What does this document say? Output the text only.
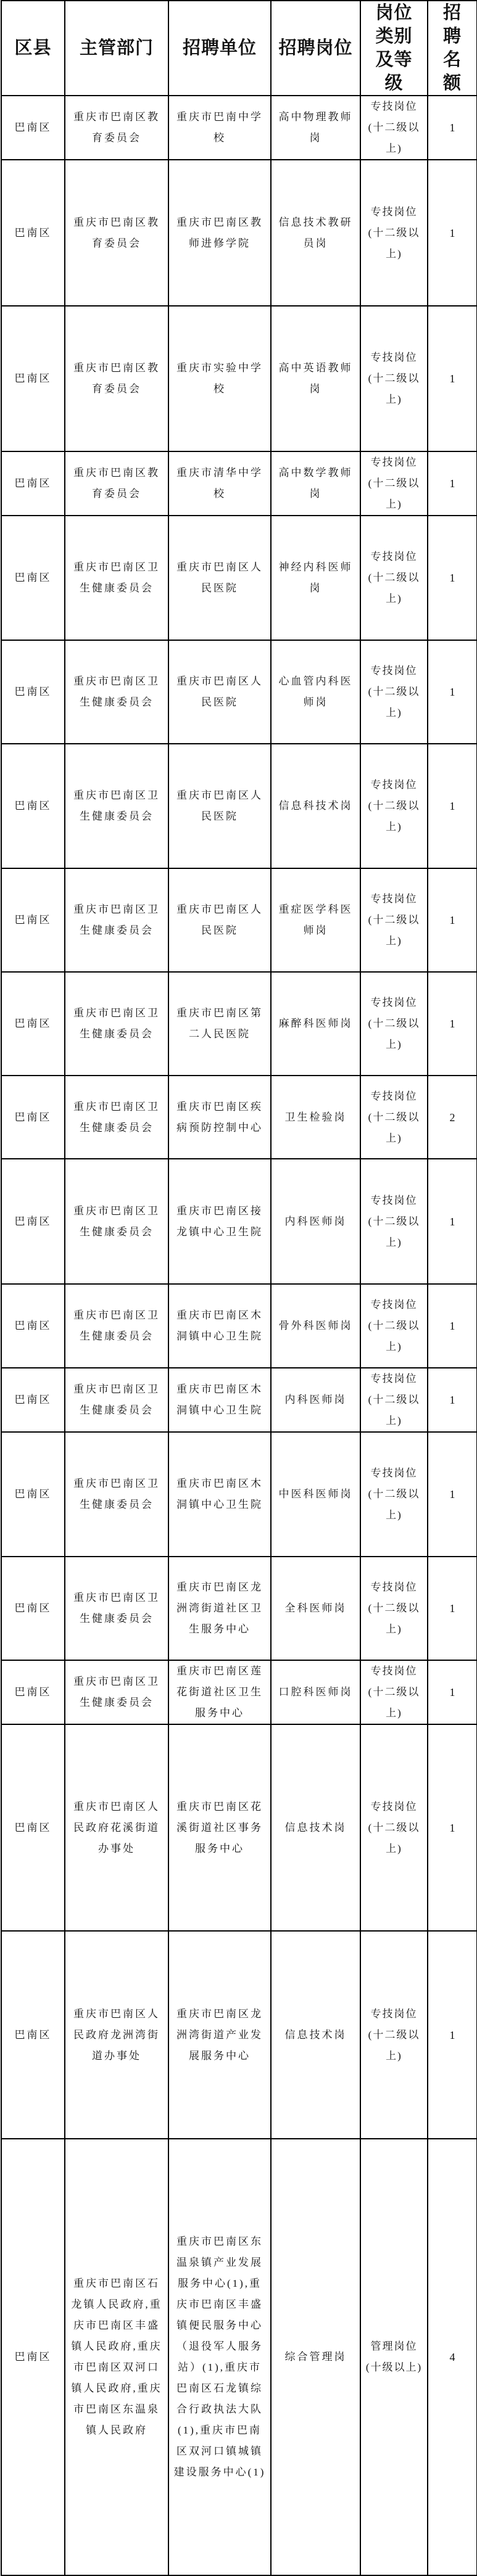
区县	主管部门	招聘单位	招聘岗位	岗位类别及等级	招聘名额
巴南区	重庆市巴南区教育委员会	重庆市巴南中学校	高中物理教师岗	专技岗位(十二级以上)	1
巴南区	重庆市巴南区教育委员会	重庆市巴南区教师进修学院	信息技术教研员岗	专技岗位(十二级以上)	1
巴南区	重庆市巴南区教育委员会	重庆市实验中学校	高中英语教师岗	专技岗位(十二级以上)	1
巴南区	重庆市巴南区教育委员会	重庆市清华中学校	高中数学教师岗	专技岗位(十二级以上)	1
巴南区	重庆市巴南区卫生健康委员会	重庆市巴南区人民医院	神经内科医师岗	专技岗位(十二级以上)	1
巴南区	重庆市巴南区卫生健康委员会	重庆市巴南区人民医院	心血管内科医师岗	专技岗位(十二级以上)	1
巴南区	重庆市巴南区卫生健康委员会	重庆市巴南区人民医院	信息科技术岗	专技岗位(十二级以上)	1
巴南区	重庆市巴南区卫生健康委员会	重庆市巴南区人民医院	重症医学科医师岗	专技岗位(十二级以上)	1
巴南区	重庆市巴南区卫生健康委员会	重庆市巴南区第二人民医院	麻醉科医师岗	专技岗位(十二级以上)	1
巴南区	重庆市巴南区卫生健康委员会	重庆市巴南区疾病预防控制中心	卫生检验岗	专技岗位(十二级以上)	2
巴南区	重庆市巴南区卫生健康委员会	重庆市巴南区接龙镇中心卫生院	内科医师岗	专技岗位(十二级以上)	1
巴南区	重庆市巴南区卫生健康委员会	重庆市巴南区木洞镇中心卫生院	骨外科医师岗	专技岗位(十二级以上)	1
巴南区	重庆市巴南区卫生健康委员会	重庆市巴南区木洞镇中心卫生院	内科医师岗	专技岗位(十二级以上)	1
巴南区	重庆市巴南区卫生健康委员会	重庆市巴南区木洞镇中心卫生院	中医科医师岗	专技岗位(十二级以上)	1
巴南区	重庆市巴南区卫生健康委员会	重庆市巴南区龙洲湾街道社区卫生服务中心	全科医师岗	专技岗位(十二级以上)	1
巴南区	重庆市巴南区卫生健康委员会	重庆市巴南区莲花街道社区卫生服务中心	口腔科医师岗	专技岗位(十二级以上)	1
巴南区	重庆市巴南区人民政府花溪街道办事处	重庆市巴南区花溪街道社区事务服务中心	信息技术岗	专技岗位(十二级以上)	1
巴南区	重庆市巴南区人民政府龙洲湾街道办事处	重庆市巴南区龙洲湾街道产业发展服务中心	信息技术岗	专技岗位(十二级以上)	1
巴南区	重庆市巴南区石龙镇人民政府,重庆市巴南区丰盛镇人民政府,重庆市巴南区双河口镇人民政府,重庆市巴南区东温泉镇人民政府	重庆市巴南区东温泉镇产业发展服务中心(1),重庆市巴南区丰盛镇便民服务中心（退役军人服务站）(1),重庆市巴南区石龙镇综合行政执法大队(1),重庆市巴南区双河口镇城镇建设服务中心(1)	综合管理岗	管理岗位(十级以上)	4
